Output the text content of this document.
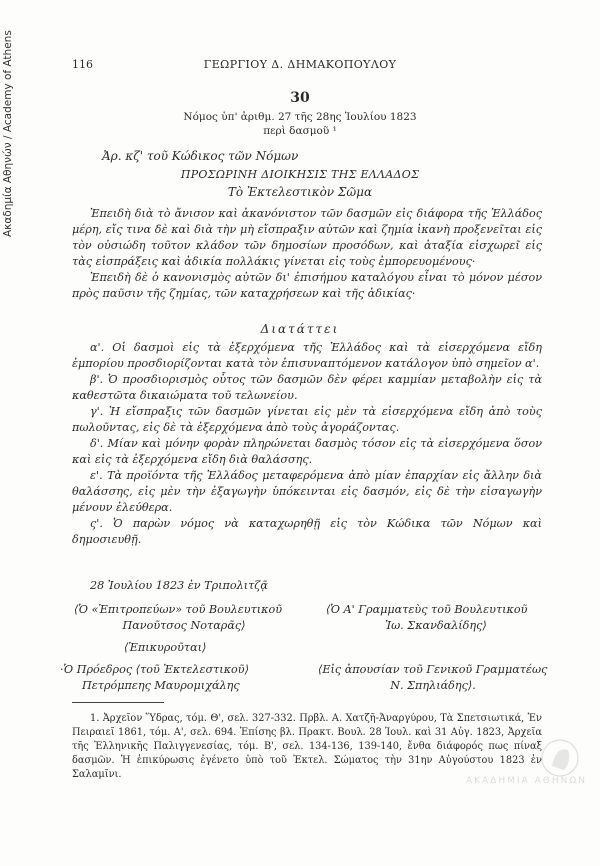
Ακαδημία Αθηνών / Academy of Athens	116	ΓΕΩΡΓΙΟΥ Δ. ΔΗΜΑΚΟΠΟΥΛΟΥ
30
Νόμος ὑπ' ἀριθμ. 27 τῆς 28ης Ἰουλίου 1823
περὶ δασμοῦ ¹
Ἀρ. κζ' τοῦ Κώδικος τῶν Νόμων
ΠΡΟΣΩΡΙΝΗ ΔΙΟΙΚΗΣΙΣ ΤΗΣ ΕΛΛΑΔΟΣ
Τὸ Ἐκτελεστικὸν Σῶμα

Ἐπειδὴ διὰ τὸ ἄνισον καὶ ἀκανόνιστον τῶν δασμῶν εἰς διάφορα τῆς Ἑλλάδος μέρη, εἴς τινα δὲ καὶ διὰ τὴν μὴ εἴσπραξιν αὐτῶν καὶ ζημία ἱκανὴ προξενεῖται εἰς τὸν οὐσιώδη τοῦτον κλάδον τῶν δημοσίων προσόδων, καὶ ἀταξία εἰσχωρεῖ εἰς τὰς εἰσπράξεις καὶ ἀδικία πολλάκις γίνεται εἰς τοὺς ἐμπορευομένους·

Ἐπειδὴ δὲ ὁ κανονισμὸς αὐτῶν δι' ἐπισήμου καταλόγου εἶναι τὸ μόνον μέσον πρὸς παῦσιν τῆς ζημίας, τῶν καταχρήσεων καὶ τῆς ἀδικίας·

Διατάττει

α'. Οἱ δασμοὶ εἰς τὰ ἐξερχόμενα τῆς Ἑλλάδος καὶ τὰ εἰσερχόμενα εἴδη ἐμπορίου προσδιορίζονται κατὰ τὸν ἐπισυναπτόμενον κατάλογον ὑπὸ σημεῖον α'.

β'. Ὁ προσδιορισμὸς οὗτος τῶν δασμῶν δὲν φέρει καμμίαν μεταβολὴν εἰς τὰ καθεστῶτα δικαιώματα τοῦ τελωνείου.

γ'. Ἡ εἴσπραξις τῶν δασμῶν γίνεται εἰς μὲν τὰ εἰσερχόμενα εἴδη ἀπὸ τοὺς πωλοῦντας, εἰς δὲ τὰ ἐξερχόμενα ἀπὸ τοὺς ἀγοράζοντας.

δ'. Μίαν καὶ μόνην φορὰν πληρώνεται δασμὸς τόσον εἰς τὰ εἰσερχόμενα ὅσον καὶ εἰς τὰ ἐξερχόμενα εἴδη διὰ θαλάσσης.

ε'. Τὰ προϊόντα τῆς Ἑλλάδος μεταφερόμενα ἀπὸ μίαν ἐπαρχίαν εἰς ἄλλην διὰ θαλάσσης, εἰς μὲν τὴν ἐξαγωγὴν ὑπόκεινται εἰς δασμόν, εἰς δὲ τὴν εἰσαγωγὴν μένουν ἐλεύθερα.

ς'. Ὁ παρὼν νόμος νὰ καταχωρηθῇ εἰς τὸν Κώδικα τῶν Νόμων καὶ δημοσιευθῇ.

28 Ἰουλίου 1823 ἐν Τριπολιτζᾷ
⟨Ὁ «Ἐπιτροπεύων» τοῦ Βουλευτικοῦ
Πανοῦτσος Νοταρᾶς⟩
⟨Ὁ Α' Γραμματεὺς τοῦ Βουλευτικοῦ
Ἰω. Σκανδαλίδης⟩
⟨Ἐπικυροῦται⟩
·Ὁ Πρόεδρος ⟨τοῦ Ἐκτελεστικοῦ⟩
Πετρόμπεης Μαυρομιχάλης
⟨Εἰς ἀπουσίαν τοῦ Γενικοῦ Γραμματέως
Ν. Σπηλιάδης⟩.

1. Ἀρχεῖον Ὕδρας, τόμ. Θ', σελ. 327-332. Πρβλ. Α. Χατζῆ-Ἀναργύρου, Τὰ Σπετσιωτικά, Ἐν Πειραιεῖ 1861, τόμ. Α', σελ. 694. Ἐπίσης βλ. Πρακτ. Βουλ. 28 Ἰουλ. καὶ 31 Αὐγ. 1823, Ἀρχεῖα τῆς Ἑλληνικῆς Παλιγγενεσίας, τόμ. Β', σελ. 134-136, 139-140, ἔνθα διάφορός πως πίναξ δασμῶν. Ἡ ἐπικύρωσις ἐγένετο ὑπὸ τοῦ Ἐκτελ. Σώματος τὴν 31ην Αὐγούστου 1823 ἐν Σαλαμῖνι.

ΑΚΑΔΗΜΙΑ ΑΘΗΝΩΝ
